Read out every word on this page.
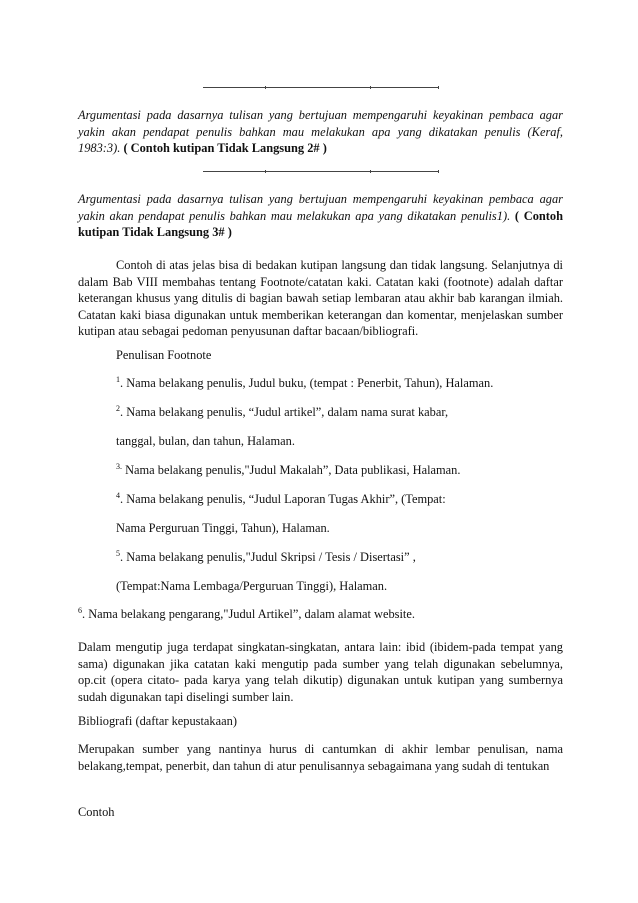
Argumentasi pada dasarnya tulisan yang bertujuan mempengaruhi keyakinan pembaca agar yakin akan pendapat penulis bahkan mau melakukan apa yang dikatakan penulis (Keraf, 1983:3). ( Contoh kutipan Tidak Langsung 2# )

Argumentasi pada dasarnya tulisan yang bertujuan mempengaruhi keyakinan pembaca agar yakin akan pendapat penulis bahkan mau melakukan apa yang dikatakan penulis1). ( Contoh kutipan Tidak Langsung 3# )

Contoh di atas jelas bisa di bedakan kutipan langsung dan tidak langsung. Selanjutnya di dalam Bab VIII membahas tentang Footnote/catatan kaki. Catatan kaki (footnote) adalah daftar keterangan khusus yang ditulis di bagian bawah setiap lembaran atau akhir bab karangan ilmiah. Catatan kaki biasa digunakan untuk memberikan keterangan dan komentar, menjelaskan sumber kutipan atau sebagai pedoman penyusunan daftar bacaan/bibliografi.

Penulisan Footnote

$^1$. Nama belakang penulis, Judul buku, (tempat : Penerbit, Tahun), Halaman.

$^2$. Nama belakang penulis, “Judul artikel”, dalam nama surat kabar,

tanggal, bulan, dan tahun, Halaman.

$^{3.}$ Nama belakang penulis,"Judul Makalah”, Data publikasi, Halaman.

$^4$. Nama belakang penulis, “Judul Laporan Tugas Akhir”, (Tempat:

Nama Perguruan Tinggi, Tahun), Halaman.

$^5$. Nama belakang penulis,"Judul Skripsi / Tesis / Disertasi” ,

(Tempat:Nama Lembaga/Perguruan Tinggi), Halaman.

$^6$. Nama belakang pengarang,"Judul Artikel”, dalam alamat website.

Dalam mengutip juga terdapat singkatan-singkatan, antara lain: ibid (ibidem-pada tempat yang sama) digunakan jika catatan kaki mengutip pada sumber yang telah digunakan sebelumnya, op.cit (opera citato- pada karya yang telah dikutip) digunakan untuk kutipan yang sumbernya sudah digunakan tapi diselingi sumber lain.

Bibliografi (daftar kepustakaan)

Merupakan sumber yang nantinya hurus di cantumkan di akhir lembar penulisan, nama belakang,tempat, penerbit, dan tahun di atur penulisannya sebagaimana yang sudah di tentukan

Contoh
